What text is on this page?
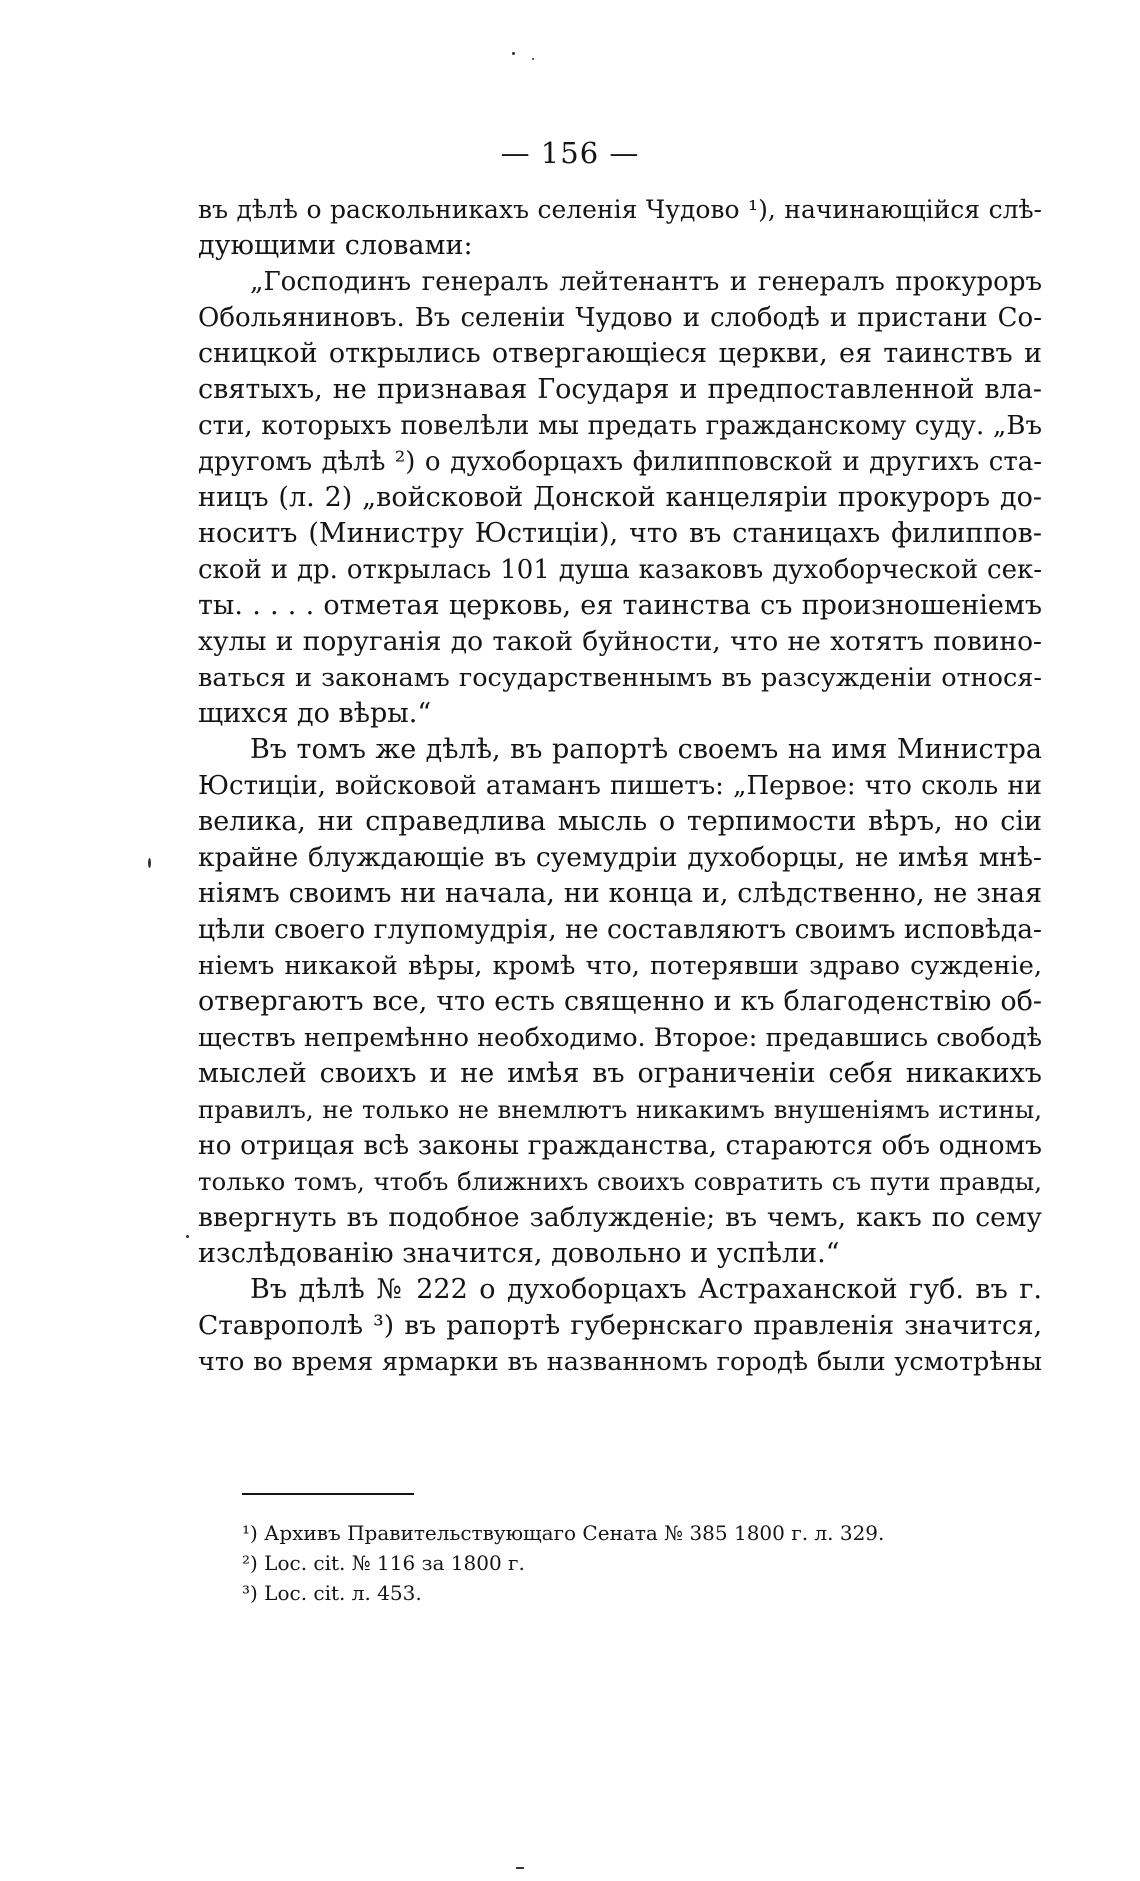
— 156 —
въ дѣлѣ о раскольникахъ селенія Чудово ¹), начинающійся слѣ-
дующими словами:
„Господинъ генералъ лейтенантъ и генералъ прокуроръ
Обольяниновъ. Въ селеніи Чудово и слободѣ и пристани Со-
сницкой открылись отвергающіеся церкви, ея таинствъ и
святыхъ, не признавая Государя и предпоставленной вла-
сти, которыхъ повелѣли мы предать гражданскому суду. „Въ
другомъ дѣлѣ ²) о духоборцахъ филипповской и другихъ ста-
ницъ (л. 2) „войсковой Донской канцеляріи прокуроръ до-
носитъ (Министру Юстиціи), что въ станицахъ филиппов-
ской и др. открылась 101 душа казаковъ духоборческой сек-
ты. . . . . отметая церковь, ея таинства съ произношеніемъ
хулы и поруганія до такой буйности, что не хотятъ повино-
ваться и законамъ государственнымъ въ разсужденіи относя-
щихся до вѣры.“
Въ томъ же дѣлѣ, въ рапортѣ своемъ на имя Министра
Юстиціи, войсковой атаманъ пишетъ: „Первое: что сколь ни
велика, ни справедлива мысль о терпимости вѣръ, но сіи
крайне блуждающіе въ суемудріи духоборцы, не имѣя мнѣ-
ніямъ своимъ ни начала, ни конца и, слѣдственно, не зная
цѣли своего глупомудрія, не составляютъ своимъ исповѣда-
ніемъ никакой вѣры, кромѣ что, потерявши здраво сужденіе,
отвергаютъ все, что есть священно и къ благоденствію об-
ществъ непремѣнно необходимо. Второе: предавшись свободѣ
мыслей своихъ и не имѣя въ ограниченіи себя никакихъ
правилъ, не только не внемлютъ никакимъ внушеніямъ истины,
но отрицая всѣ законы гражданства, стараются объ одномъ
только томъ, чтобъ ближнихъ своихъ совратить съ пути правды,
ввергнуть въ подобное заблужденіе; въ чемъ, какъ по сему
изслѣдованію значится, довольно и успѣли.“
Въ дѣлѣ № 222 о духоборцахъ Астраханской губ. въ г.
Ставрополѣ ³) въ рапортѣ губернскаго правленія значится,
что во время ярмарки въ названномъ городѣ были усмотрѣны
¹) Архивъ Правительствующаго Сената № 385 1800 г. л. 329.
²) Loc. cit. № 116 за 1800 г.
³) Loc. cit. л. 453.
